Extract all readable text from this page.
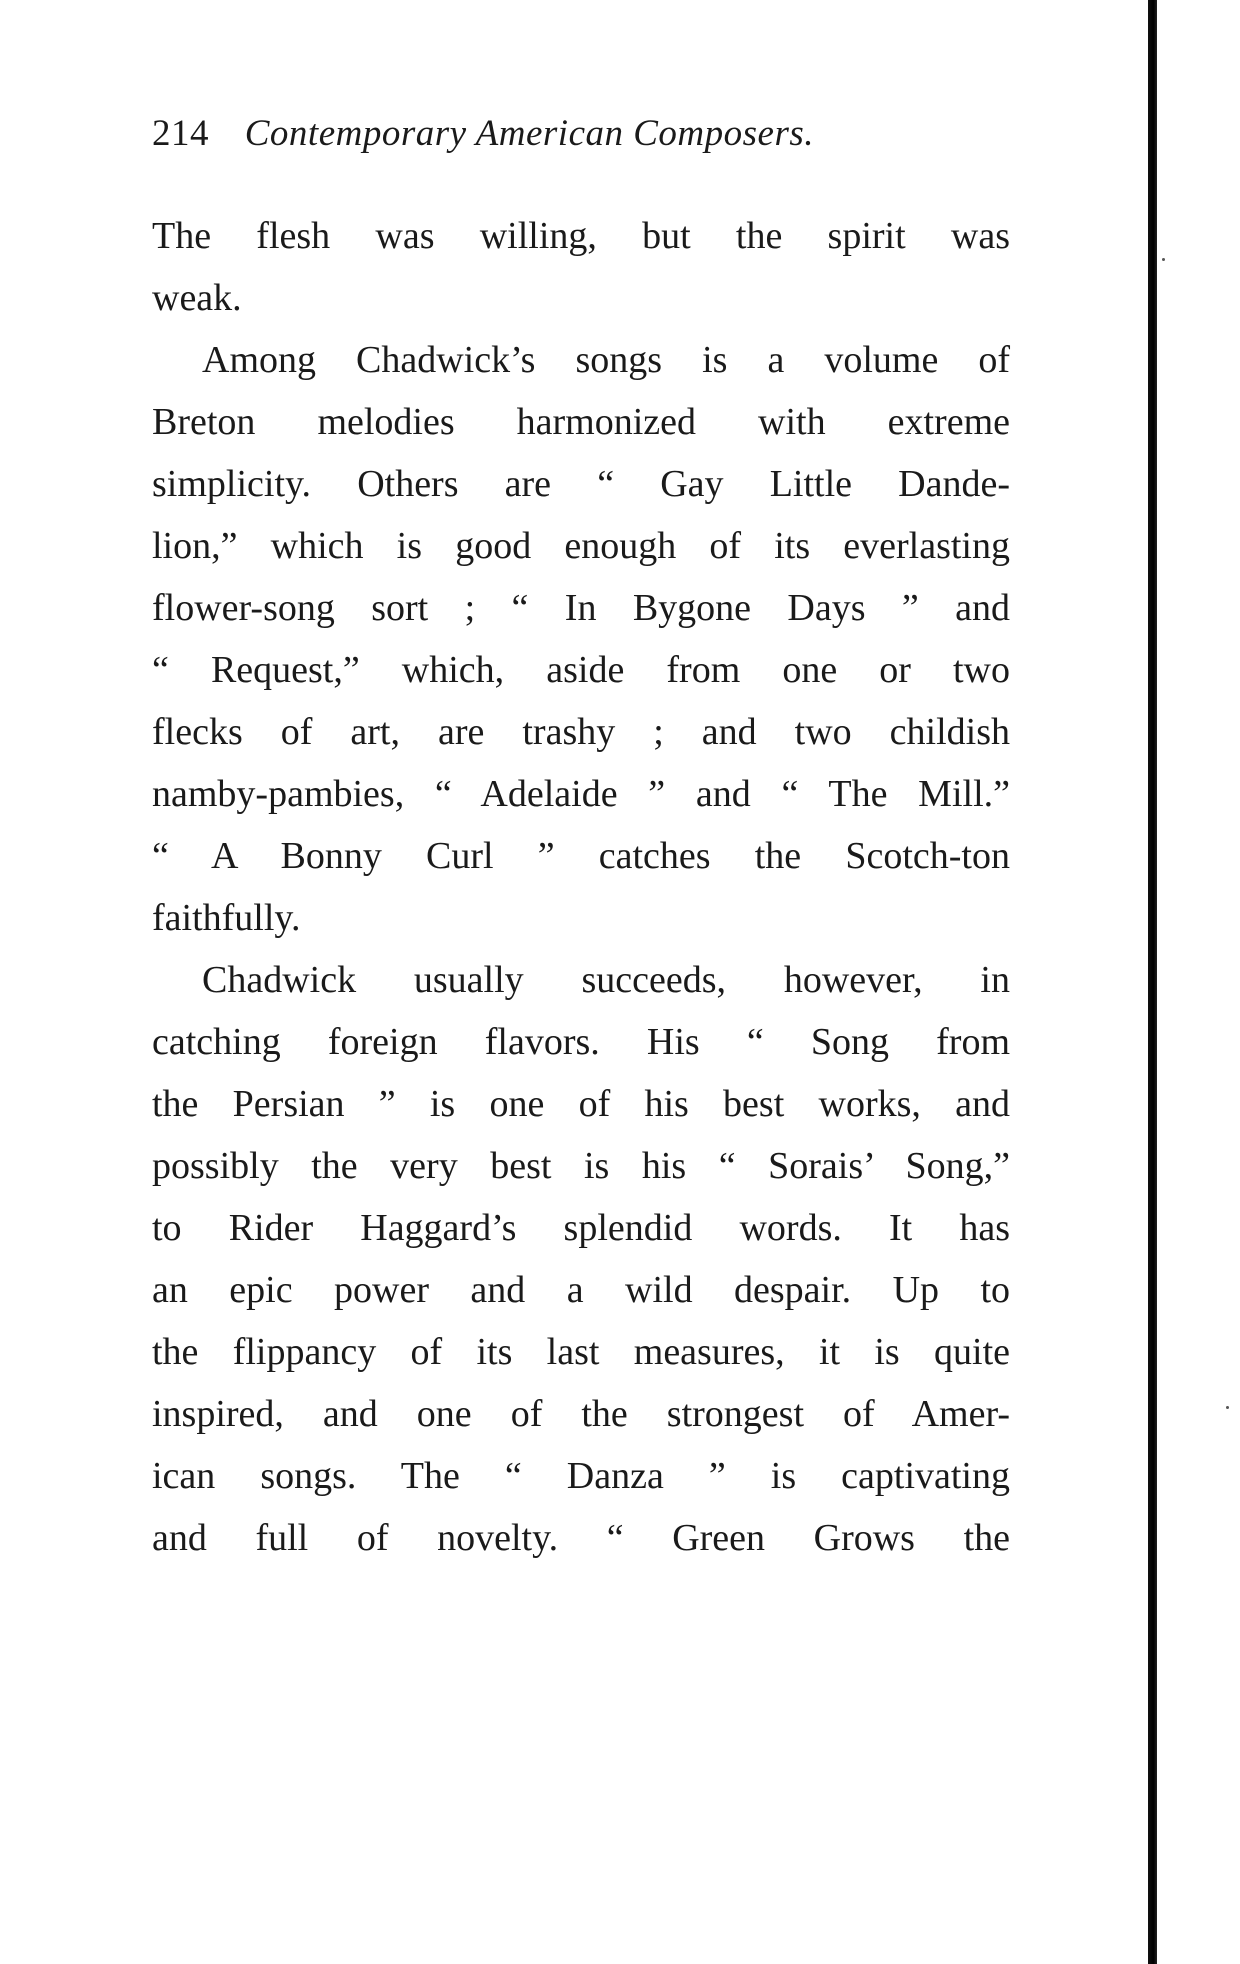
214 Contemporary American Composers.
The flesh was willing, but the spirit was
weak.
Among Chadwick’s songs is a volume of
Breton melodies harmonized with extreme
simplicity. Others are “ Gay Little Dande-
lion,” which is good enough of its everlasting
flower-song sort ; “ In Bygone Days ” and
“ Request,” which, aside from one or two
flecks of art, are trashy ; and two childish
namby-pambies, “ Adelaide ” and “ The Mill.”
“ A Bonny Curl ” catches the Scotch-ton
faithfully.
Chadwick usually succeeds, however, in
catching foreign flavors. His “ Song from
the Persian ” is one of his best works, and
possibly the very best is his “ Sorais’ Song,”
to Rider Haggard’s splendid words. It has
an epic power and a wild despair. Up to
the flippancy of its last measures, it is quite
inspired, and one of the strongest of Amer-
ican songs. The “ Danza ” is captivating
and full of novelty. “ Green Grows the
